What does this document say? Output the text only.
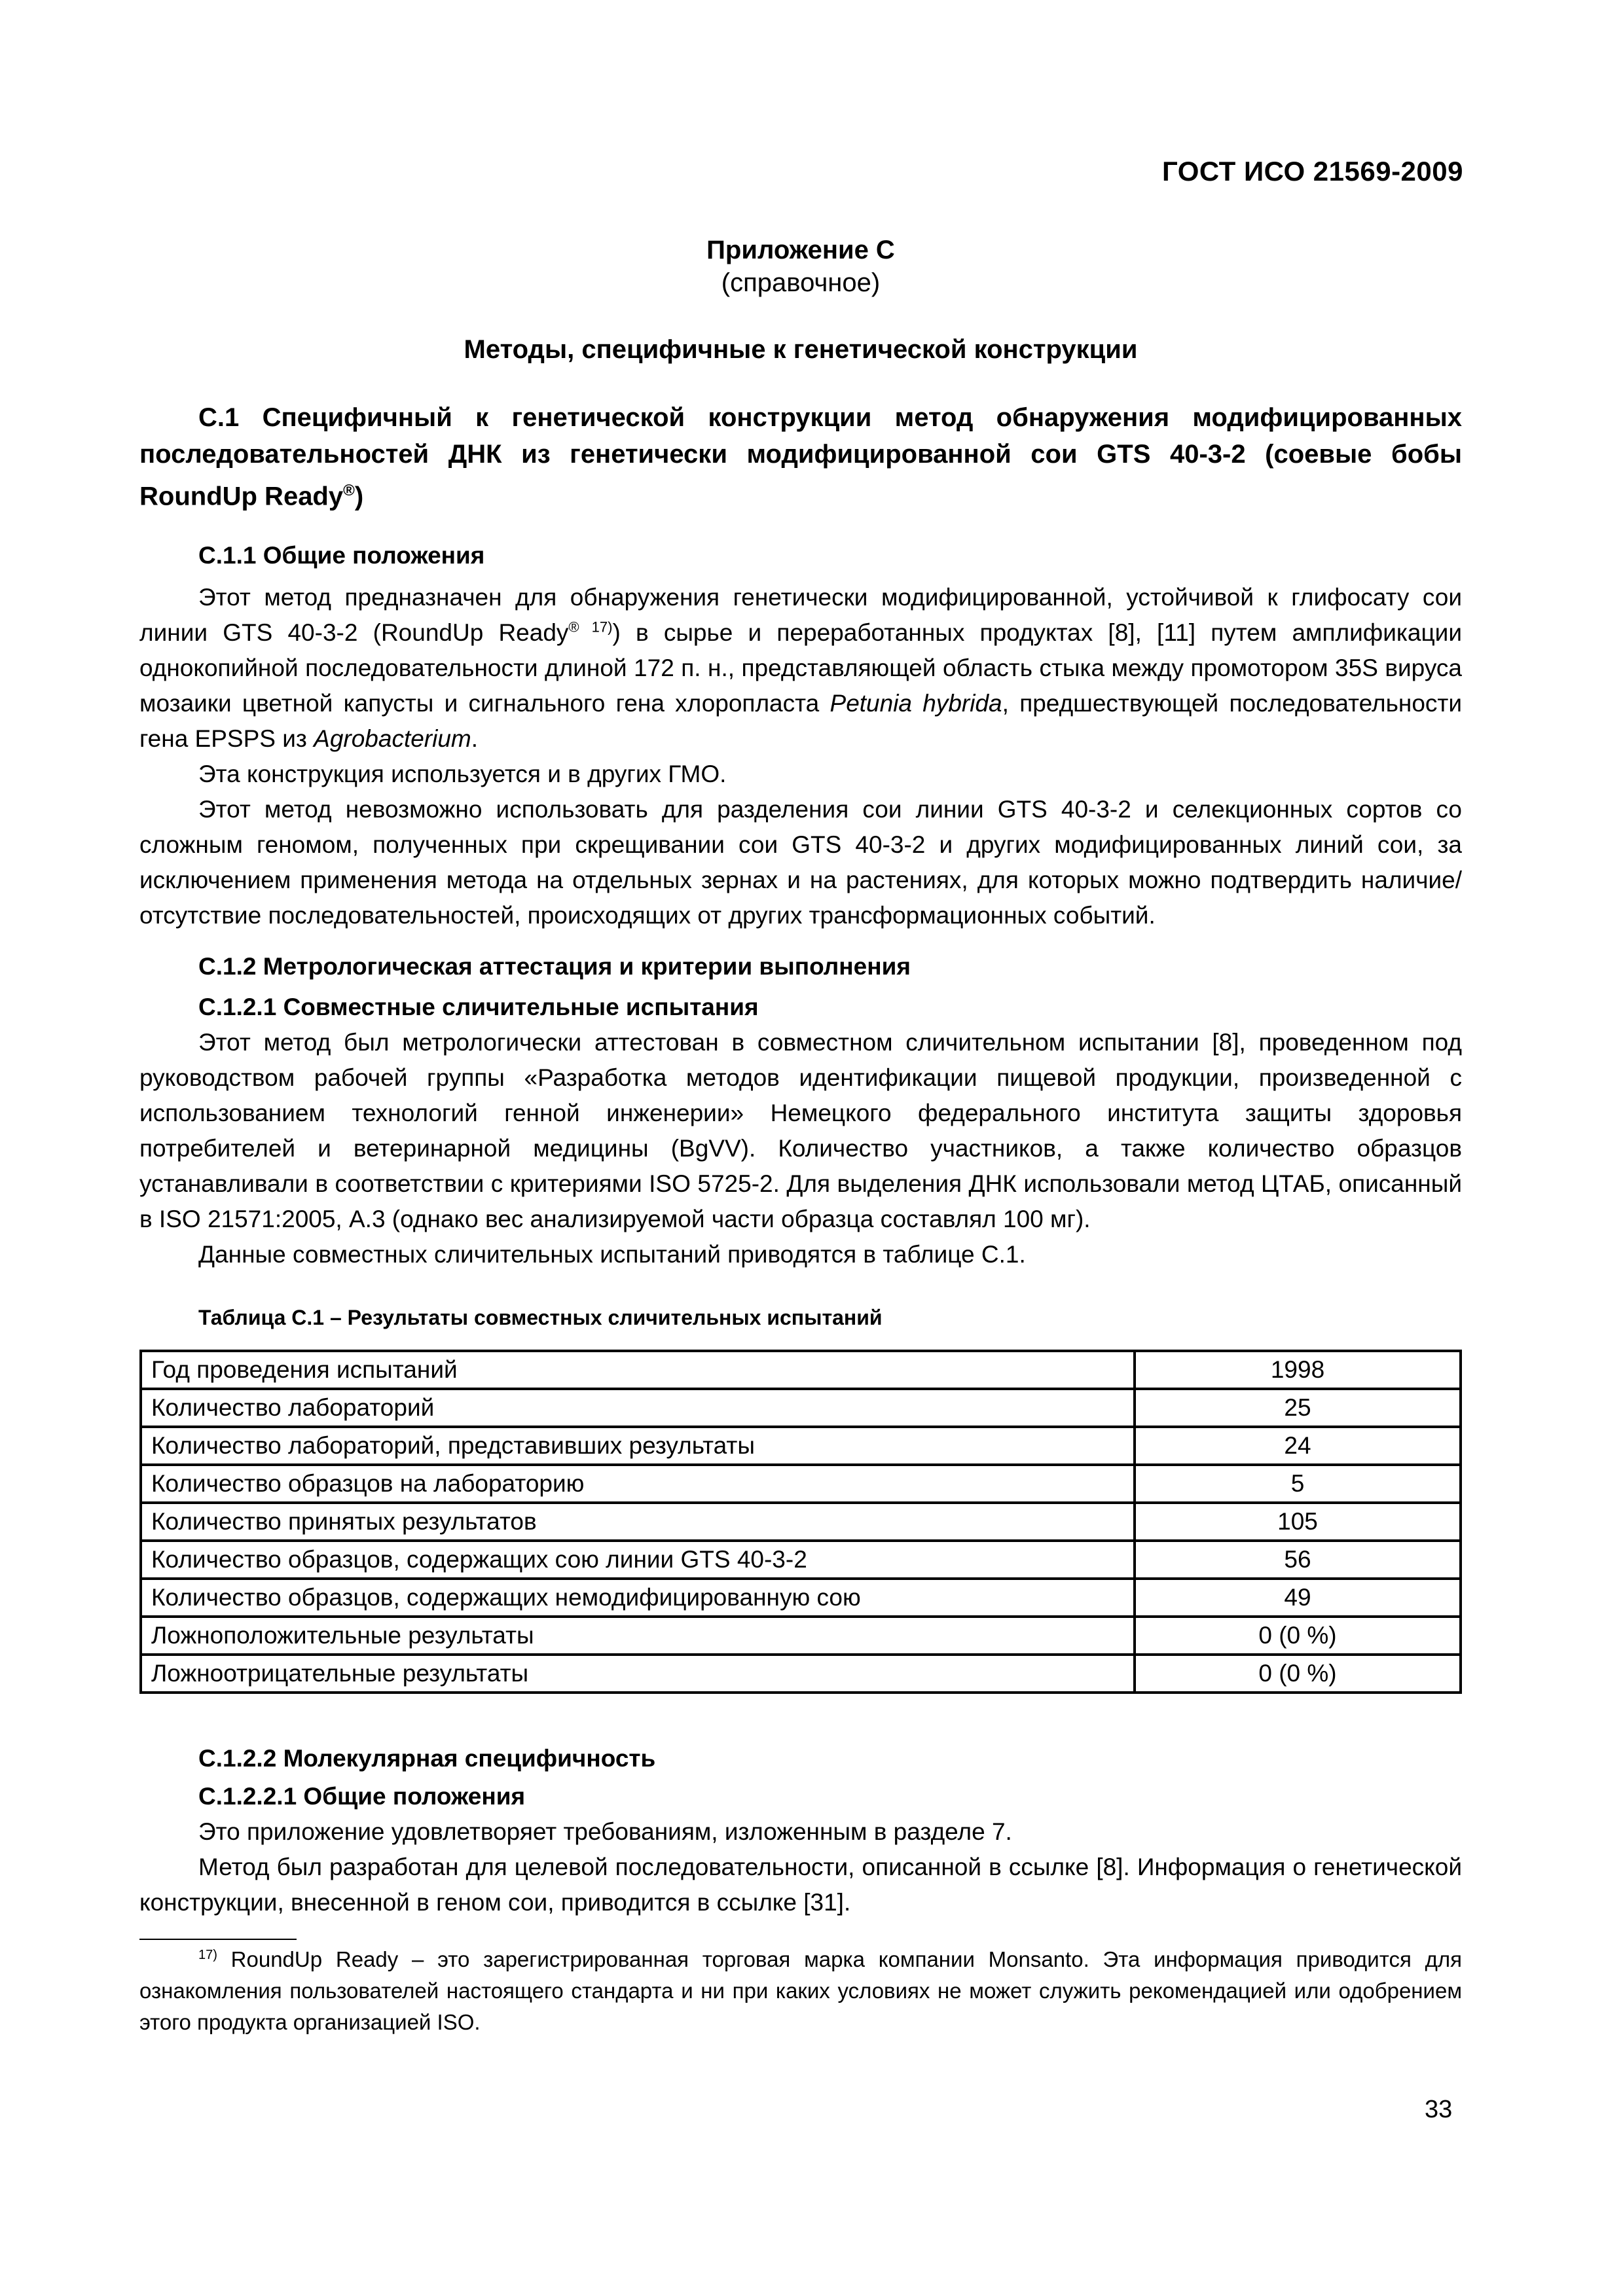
ГОСТ ИСО 21569-2009
Приложение С
(справочное)
Методы, специфичные к генетической конструкции
С.1 Специфичный к генетической конструкции метод обнаружения модифицированных последовательностей ДНК из генетически модифицированной сои GTS 40-3-2 (соевые бобы RoundUp Ready®)
С.1.1 Общие положения

Этот метод предназначен для обнаружения генетически модифицированной, устойчивой к глифосату сои линии GTS 40-3-2 (RoundUp Ready$^{® 17)}$) в сырье и переработанных продуктах [8], [11] путем амплификации однокопийной последовательности длиной 172 п. н., представляющей область стыка между промотором 35S вируса мозаики цветной капусты и сигнального гена хлоропласта Petunia hybrida, предшествующей последовательности гена EPSPS из Agrobacterium.

Эта конструкция используется и в других ГМО.

Этот метод невозможно использовать для разделения сои линии GTS 40-3-2 и селекционных сортов со сложным геномом, полученных при скрещивании сои GTS 40-3-2 и других модифицированных линий сои, за исключением применения метода на отдельных зернах и на растениях, для которых можно подтвердить наличие/отсутствие последовательностей, происходящих от других трансформационных событий.

С.1.2 Метрологическая аттестация и критерии выполнения
С.1.2.1 Совместные сличительные испытания

Этот метод был метрологически аттестован в совместном сличительном испытании [8], проведенном под руководством рабочей группы «Разработка методов идентификации пищевой продукции, произведенной с использованием технологий генной инженерии» Немецкого федерального института защиты здоровья потребителей и ветеринарной медицины (BgVV). Количество участников, а также количество образцов устанавливали в соответствии с критериями ISO 5725-2. Для выделения ДНК использовали метод ЦТАБ, описанный в ISO 21571:2005, А.3 (однако вес анализируемой части образца составлял 100 мг).

Данные совместных сличительных испытаний приводятся в таблице С.1.

Таблица С.1 – Результаты совместных сличительных испытаний
Год проведения испытаний	1998
Количество лабораторий	25
Количество лабораторий, представивших результаты	24
Количество образцов на лабораторию	5
Количество принятых результатов	105
Количество образцов, содержащих сою линии GTS 40-3-2	56
Количество образцов, содержащих немодифицированную сою	49
Ложноположительные результаты	0 (0 %)
Ложноотрицательные результаты	0 (0 %)
С.1.2.2 Молекулярная специфичность
С.1.2.2.1 Общие положения

Это приложение удовлетворяет требованиям, изложенным в разделе 7.

Метод был разработан для целевой последовательности, описанной в ссылке [8]. Информация о генетической конструкции, внесенной в геном сои, приводится в ссылке [31].

$^{17)}$ RoundUp Ready – это зарегистрированная торговая марка компании Monsanto. Эта информация приводится для ознакомления пользователей настоящего стандарта и ни при каких условиях не может служить рекомендацией или одобрением этого продукта организацией ISO.

33
